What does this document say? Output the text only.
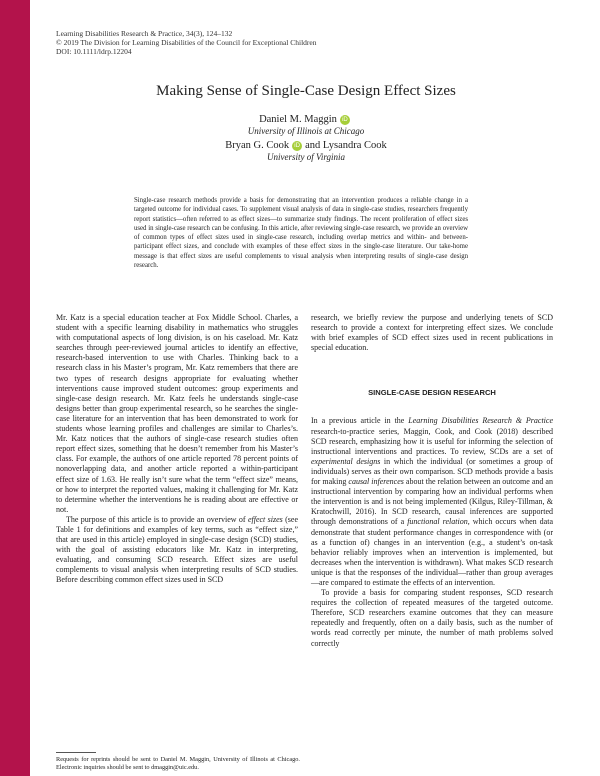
LEARNING DISABILITIES
RESEARCH & PRACTICE
Learning Disabilities Research & Practice, 34(3), 124–132
© 2019 The Division for Learning Disabilities of the Council for Exceptional Children
DOI: 10.1111/ldrp.12204
Making Sense of Single-Case Design Effect Sizes
Daniel M. Maggin iD
University of Illinois at Chicago
Bryan G. Cook iD and Lysandra Cook
University of Virginia

Single-case research methods provide a basis for demonstrating that an intervention produces a reliable change in a targeted outcome for individual cases. To supplement visual analysis of data in single-case studies, researchers frequently report statistics—often referred to as effect sizes—to summarize study findings. The recent proliferation of effect sizes used in single-case research can be confusing. In this article, after reviewing single-case research, we provide an overview of common types of effect sizes used in single-case research, including overlap metrics and within- and between-participant effect sizes, and conclude with examples of these effect sizes in the single-case literature. Our take-home message is that effect sizes are useful complements to visual analysis when interpreting results of single-case design research.

Mr. Katz is a special education teacher at Fox Middle School. Charles, a student with a specific learning disability in mathematics who struggles with computational aspects of long division, is on his caseload. Mr. Katz searches through peer-reviewed journal articles to identify an effective, research-based intervention to use with Charles. Thinking back to a research class in his Master’s program, Mr. Katz remembers that there are two types of research designs appropriate for evaluating whether interventions cause improved student outcomes: group experiments and single-case design research. Mr. Katz feels he understands single-case designs better than group experimental research, so he searches the single-case literature for an intervention that has been demonstrated to work for students whose learning profiles and challenges are similar to Charles’s. Mr. Katz notices that the authors of single-case research studies often report effect sizes, something that he doesn’t remember from his Master’s class. For example, the authors of one article reported 78 percent points of nonoverlapping data, and another article reported a within-participant effect size of 1.63. He really isn’t sure what the term “effect size” means, or how to interpret the reported values, making it challenging for Mr. Katz to determine whether the interventions he is reading about are effective or not.

The purpose of this article is to provide an overview of effect sizes (see Table 1 for definitions and examples of key terms, such as “effect size,” that are used in this article) employed in single-case design (SCD) studies, with the goal of assisting educators like Mr. Katz in interpreting, evaluating, and consuming SCD research. Effect sizes are useful complements to visual analysis when interpreting results of SCD studies. Before describing common effect sizes used in SCD

research, we briefly review the purpose and underlying tenets of SCD research to provide a context for interpreting effect sizes. We conclude with brief examples of SCD effect sizes used in recent publications in special education.

SINGLE-CASE DESIGN RESEARCH

In a previous article in the Learning Disabilities Research & Practice research-to-practice series, Maggin, Cook, and Cook (2018) described SCD research, emphasizing how it is useful for informing the selection of instructional interventions and practices. To review, SCDs are a set of experimental designs in which the individual (or sometimes a group of individuals) serves as their own comparison. SCD methods provide a basis for making causal inferences about the relation between an outcome and an instructional intervention by comparing how an individual performs when the intervention is and is not being implemented (Kilgus, Riley-Tillman, & Kratochwill, 2016). In SCD research, causal inferences are supported through demonstrations of a functional relation, which occurs when data demonstrate that student performance changes in correspondence with (or as a function of) changes in an intervention (e.g., a student’s on-task behavior reliably improves when an intervention is implemented, but decreases when the intervention is withdrawn). What makes SCD research unique is that the responses of the individual—rather than group averages—are compared to estimate the effects of an intervention.

To provide a basis for comparing student responses, SCD research requires the collection of repeated measures of the targeted outcome. Therefore, SCD researchers examine outcomes that they can measure repeatedly and frequently, often on a daily basis, such as the number of words read correctly per minute, the number of math problems solved correctly

Requests for reprints should be sent to Daniel M. Maggin, University of Illinois at Chicago. Electronic inquiries should be sent to dmaggin@uic.edu.
